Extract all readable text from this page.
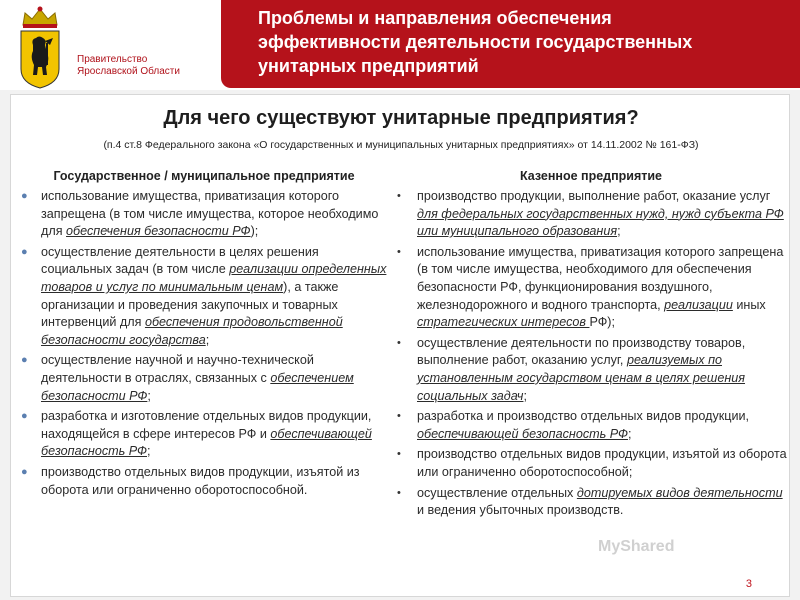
Правительство
Ярославской Области
Проблемы и направления обеспечения
эффективности деятельности государственных
унитарных предприятий
Для чего существуют унитарные предприятия?
(п.4 ст.8 Федерального закона «О государственных и муниципальных унитарных предприятиях» от 14.11.2002 № 161-ФЗ)
Государственное / муниципальное предприятие	Казенное предприятие
● использование имущества, приватизация которого запрещена (в том числе имущества, которое необходимо для обеспечения безопасности РФ);
● осуществление деятельности в целях решения социальных задач (в том числе реализации определенных товаров и услуг по минимальным ценам), а также организации и проведения закупочных и товарных интервенций для обеспечения продовольственной безопасности государства;
● осуществление научной и научно-технической деятельности в отраслях, связанных с обеспечением безопасности РФ;
● разработка и изготовление отдельных видов продукции, находящейся в сфере интересов РФ и обеспечивающей безопасность РФ;
● производство отдельных видов продукции, изъятой из оборота или ограниченно оборотоспособной.
• производство продукции, выполнение работ, оказание услуг для федеральных государственных нужд, нужд субъекта РФ или муниципального образования;
• использование имущества, приватизация которого запрещена (в том числе имущества, необходимого для обеспечения безопасности РФ, функционирования воздушного, железнодорожного и водного транспорта, реализации иных стратегических интересов РФ);
• осуществление деятельности по производству товаров, выполнение работ, оказанию услуг, реализуемых по установленным государством ценам в целях решения социальных задач;
• разработка и производство отдельных видов продукции, обеспечивающей безопасность РФ;
• производство отдельных видов продукции, изъятой из оборота или ограниченно оборотоспособной;
• осуществление отдельных дотируемых видов деятельности и ведения убыточных производств.
3
MyShared
